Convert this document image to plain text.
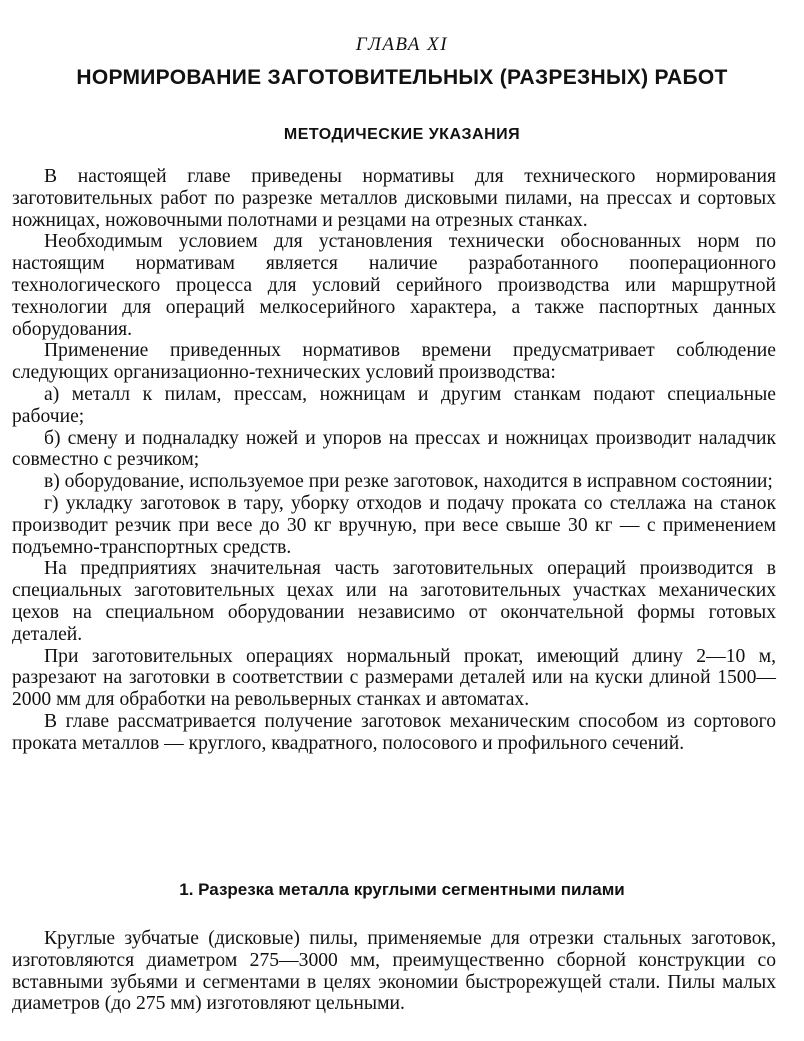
ГЛАВА XI
НОРМИРОВАНИЕ ЗАГОТОВИТЕЛЬНЫХ (РАЗРЕЗНЫХ) РАБОТ
МЕТОДИЧЕСКИЕ УКАЗАНИЯ

В настоящей главе приведены нормативы для технического нормирования заготовительных работ по разрезке металлов дисковыми пилами, на прессах и сортовых ножницах, ножовочными полотнами и резцами на отрезных станках.

Необходимым условием для установления технически обоснованных норм по настоящим нормативам является наличие разработанного пооперационного технологического процесса для условий серийного производства или маршрутной технологии для операций мелкосерийного характера, а также паспортных данных оборудования.

Применение приведенных нормативов времени предусматривает соблюдение следующих организационно-технических условий производства:

а) металл к пилам, прессам, ножницам и другим станкам подают специальные рабочие;

б) смену и подналадку ножей и упоров на прессах и ножницах производит наладчик совместно с резчиком;

в) оборудование, используемое при резке заготовок, находится в исправном состоянии;

г) укладку заготовок в тару, уборку отходов и подачу проката со стеллажа на станок производит резчик при весе до 30 кг вручную, при весе свыше 30 кг — с применением подъемно-транспортных средств.

На предприятиях значительная часть заготовительных операций производится в специальных заготовительных цехах или на заготовительных участках механических цехов на специальном оборудовании независимо от окончательной формы готовых деталей.

При заготовительных операциях нормальный прокат, имеющий длину 2—10 м, разрезают на заготовки в соответствии с размерами деталей или на куски длиной 1500—2000 мм для обработки на револьверных станках и автоматах.

В главе рассматривается получение заготовок механическим способом из сортового проката металлов — круглого, квадратного, полосового и профильного сечений.

1. Разрезка металла круглыми сегментными пилами

Круглые зубчатые (дисковые) пилы, применяемые для отрезки стальных заготовок, изготовляются диаметром 275—3000 мм, преимущественно сборной конструкции со вставными зубьями и сегментами в целях экономии быстрорежущей стали. Пилы малых диаметров (до 275 мм) изготовляют цельными.
